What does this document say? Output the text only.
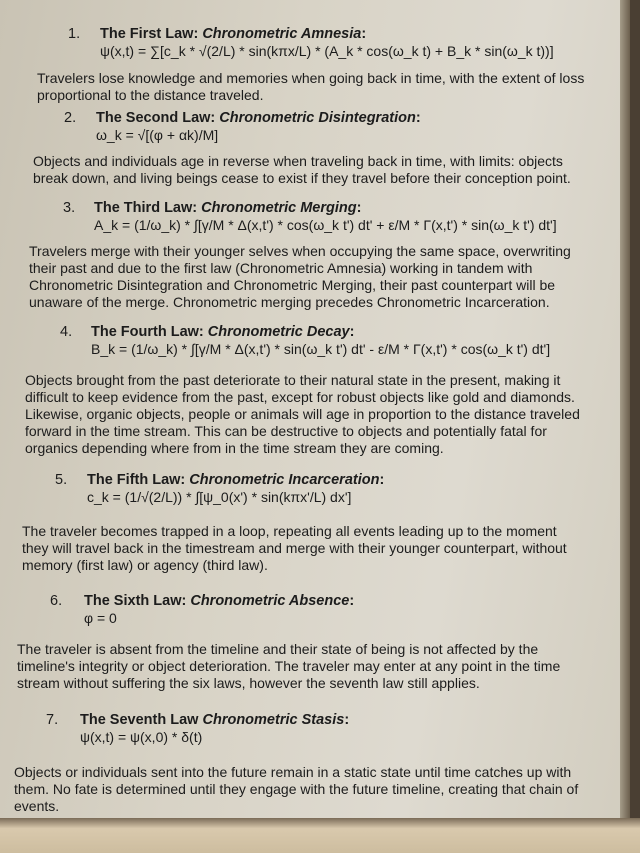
1.	The First Law: Chronometric Amnesia:
ψ(x,t) = ∑[c_k * √(2/L) * sin(kπx/L) * (A_k * cos(ω_k t) + B_k * sin(ω_k t))]
Travelers lose knowledge and memories when going back in time, with the extent of loss
proportional to the distance traveled.
2.	The Second Law: Chronometric Disintegration:
ω_k = √[(φ + αk)/M]
Objects and individuals age in reverse when traveling back in time, with limits: objects
break down, and living beings cease to exist if they travel before their conception point.
3.	The Third Law: Chronometric Merging:
A_k = (1/ω_k) * ∫[γ/M * Δ(x,t') * cos(ω_k t') dt' + ε/M * Γ(x,t') * sin(ω_k t') dt']
Travelers merge with their younger selves when occupying the same space, overwriting
their past and due to the first law (Chronometric Amnesia) working in tandem with
Chronometric Disintegration and Chronometric Merging, their past counterpart will be
unaware of the merge. Chronometric merging precedes Chronometric Incarceration.
4.	The Fourth Law: Chronometric Decay:
B_k = (1/ω_k) * ∫[γ/M * Δ(x,t') * sin(ω_k t') dt' - ε/M * Γ(x,t') * cos(ω_k t') dt']
Objects brought from the past deteriorate to their natural state in the present, making it
difficult to keep evidence from the past, except for robust objects like gold and diamonds.
Likewise, organic objects, people or animals will age in proportion to the distance traveled
forward in the time stream. This can be destructive to objects and potentially fatal for
organics depending where from in the time stream they are coming.
5.	The Fifth Law: Chronometric Incarceration:
c_k = (1/√(2/L)) * ∫[ψ_0(x') * sin(kπx'/L) dx']
The traveler becomes trapped in a loop, repeating all events leading up to the moment
they will travel back in the timestream and merge with their younger counterpart, without
memory (first law) or agency (third law).
6.	The Sixth Law: Chronometric Absence:
φ = 0
The traveler is absent from the timeline and their state of being is not affected by the
timeline's integrity or object deterioration. The traveler may enter at any point in the time
stream without suffering the six laws, however the seventh law still applies.
7.	The Seventh Law Chronometric Stasis:
ψ(x,t) = ψ(x,0) * δ(t)
Objects or individuals sent into the future remain in a static state until time catches up with
them. No fate is determined until they engage with the future timeline, creating that chain of
events.
